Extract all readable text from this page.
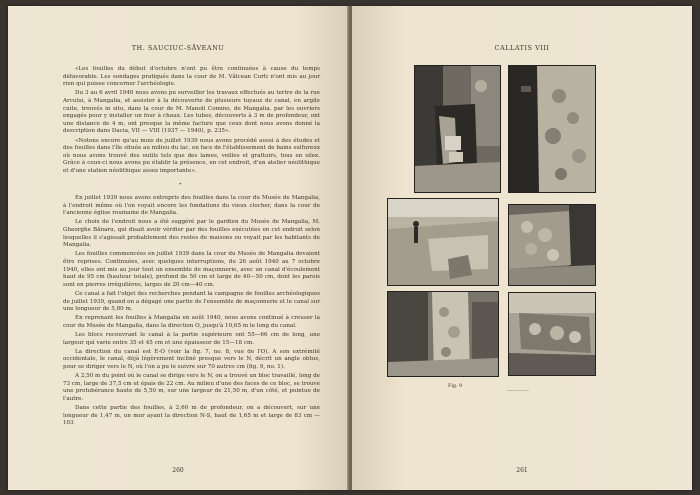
TH. SAUCIUC-SĂVEANU

«Les fouilles du début d'octobre n'ont pu être continuées à cause du temps défavorable. Les sondages pratiqués dans la cour de M. Vălcean Curti n'ont mis au jour rien qui puisse concerner l'archéologie.

Du 3 au 6 avril 1940 nous avons pu surveiller les travaux effectués au tertre de la rue Arcului, à Mangalia, et assister à la découverte de plusieurs tuyaux de canal, en argile cuite, trouvés in situ, dans la cour de M. Manoli Comino, de Mangalia, par les ouvriers engagés pour y installer un four à chaux. Les tubes, découverts à 3 m de profondeur, ont une distance de 4 m, ont presque la même facture que ceux dont nous avons donné la description dans Dacia, VII — VIII (1937 — 1940), p. 235».

«Notons encore qu'au mois de juillet 1939 nous avons procédé aussi à des études et des fouilles dans l'île située au milieu du lac, en face de l'établissement de bains sulfureux où nous avons trouvé des outils tels que des lames, veilles et grattoirs, tous en silex. Grâce à ceux-ci nous avons pu établir la présence, en cet endroit, d'un atelier néolithique et d'une station néolithique assez importante».

*

En juillet 1939 nous avons entrepris des fouilles dans la cour du Musée de Mangalia, à l'endroit même où l'on voyait encore les fondations du vieux clocher, dans la cour de l'ancienne église roumaine de Mangalia.

Le choix de l'endroit nous a été suggéré par le gardien du Musée de Mangalia, M. Gheorghe Bănaru, qui disait avoir vérifier par des fouilles exécutées en cet endroit selon lesquelles il s'agissait probablement des restes de maisons ou voyait par les habitants de Mangalia.

Les fouilles commencées en juillet 1939 dans la cour du Musée de Mangalia devaient être reprises. Continuées, avec quelques interruptions, du 26 août 1940 au 7 octobre 1940, elles ont mis au jour tout un ensemble de maçonnerie, avec un canal d'écoulement haut de 95 cm (hauteur totale), profond de 50 cm et large de 40—50 cm, dont les parois sont en pierres irrégulières, larges de 20 cm—40 cm.

Ce canal a fait l'objet des recherches pendant la campagne de fouilles archéologiques de juillet 1939, quand on a dégagé une partie de l'ensemble de maçonnerie et le canal sur une longueur de 5,80 m.

En reprenant les fouilles à Mangalia en août 1940, nous avons continué à creuser la cour du Musée de Mangalia, dans la direction O, jusqu'à 10,65 m le long du canal.

Les blocs recouvrant le canal à la partie supérieure ont 55—66 cm de long, une largeur qui varie entre 35 et 45 cm et une épaisseur de 15—18 cm.

La direction du canal est E-O (voir la fig. 7, no. 8, vue de l'O). A son extrémité occidentale, le canal, déjà légèrement incliné presque vers le N, décrit un angle obtus, pour se diriger vers le N, où l'on a pu le suivre sur 70 autres cm (fig. 9, no. 1).

A 2,50 m du point où le canal se dirige vers le N, on a trouvé un bloc travaillé, long de 73 cm, large de 37,5 cm et épais de 22 cm. Au milieu d'une des faces de ce bloc, se trouve une protubérance haute de 5,50 m, sur une largeur de 21,50 m, d'un côté, et pointue de l'autre.

Dans cette partie des fouilles, à 2,60 m de profondeur, on a découvert, sur une longueur de 1,47 m, un mur ayant la direction N-S, haut de 1,65 m et large de 83 cm — 103

260
CALLATIS VIII
Fig. 9
261
